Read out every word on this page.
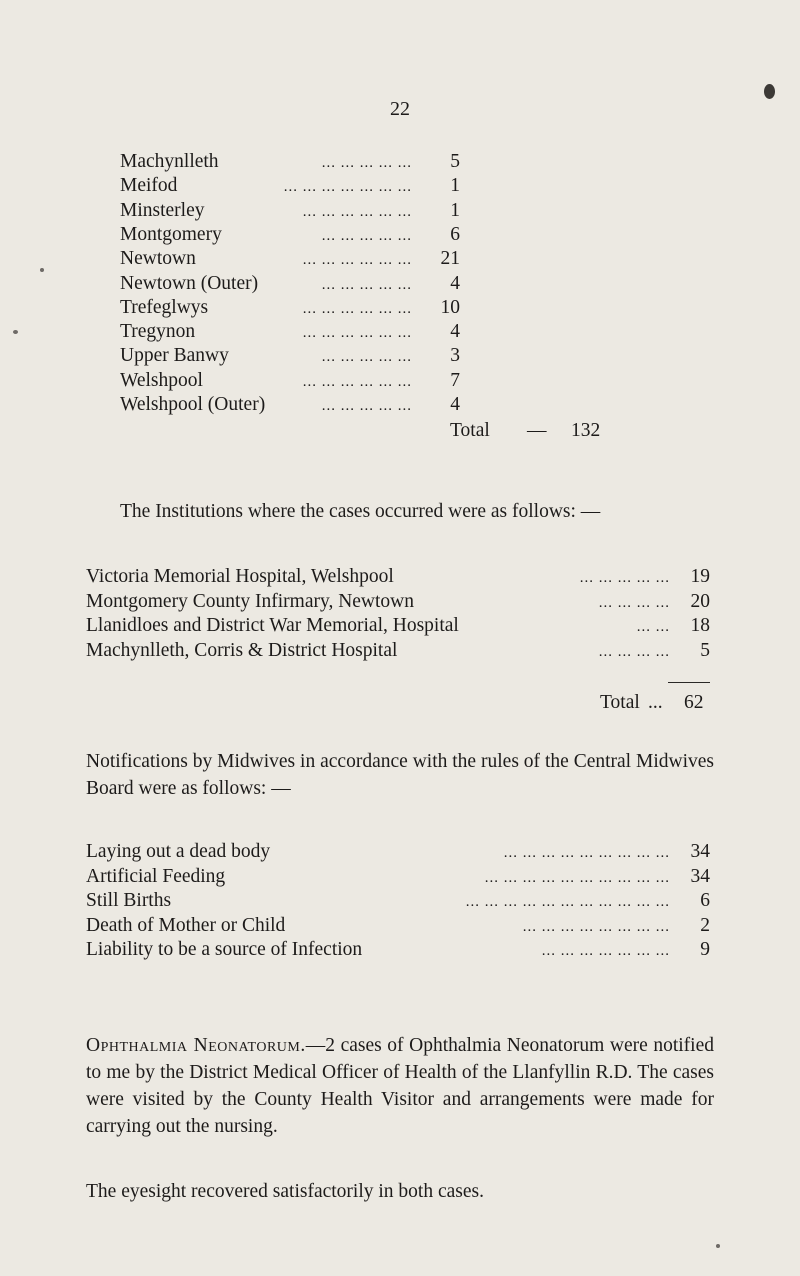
22
Machynlleth	... ... ... ... ...	5
Meifod	... ... ... ... ... ... ...	1
Minsterley	... ... ... ... ... ...	1
Montgomery	... ... ... ... ...	6
Newtown	... ... ... ... ... ...	21
Newtown (Outer)	... ... ... ... ...	4
Trefeglwys	... ... ... ... ... ...	10
Tregynon	... ... ... ... ... ...	4
Upper Banwy	... ... ... ... ...	3
Welshpool	... ... ... ... ... ...	7
Welshpool (Outer)	... ... ... ... ...	4
Total — 132

The Institutions where the cases occurred were as follows: —

Victoria Memorial Hospital, Welshpool	... ... ... ... ...	19
Montgomery County Infirmary, Newtown	... ... ... ...	20
Llanidloes and District War Memorial, Hospital	... ...	18
Machynlleth, Corris & District Hospital	... ... ... ...	5
Total ... 62

Notifications by Midwives in accordance with the rules of the Central Midwives Board were as follows: —

Laying out a dead body	... ... ... ... ... ... ... ... ...	34
Artificial Feeding	... ... ... ... ... ... ... ... ... ...	34
Still Births	... ... ... ... ... ... ... ... ... ... ...	6
Death of Mother or Child	... ... ... ... ... ... ... ...	2
Liability to be a source of Infection	... ... ... ... ... ... ...	9

Ophthalmia Neonatorum.—2 cases of Ophthalmia Neonatorum were notified to me by the District Medical Officer of Health of the Llanfyllin R.D. The cases were visited by the County Health Visitor and arrangements were made for carrying out the nursing.

The eyesight recovered satisfactorily in both cases.
